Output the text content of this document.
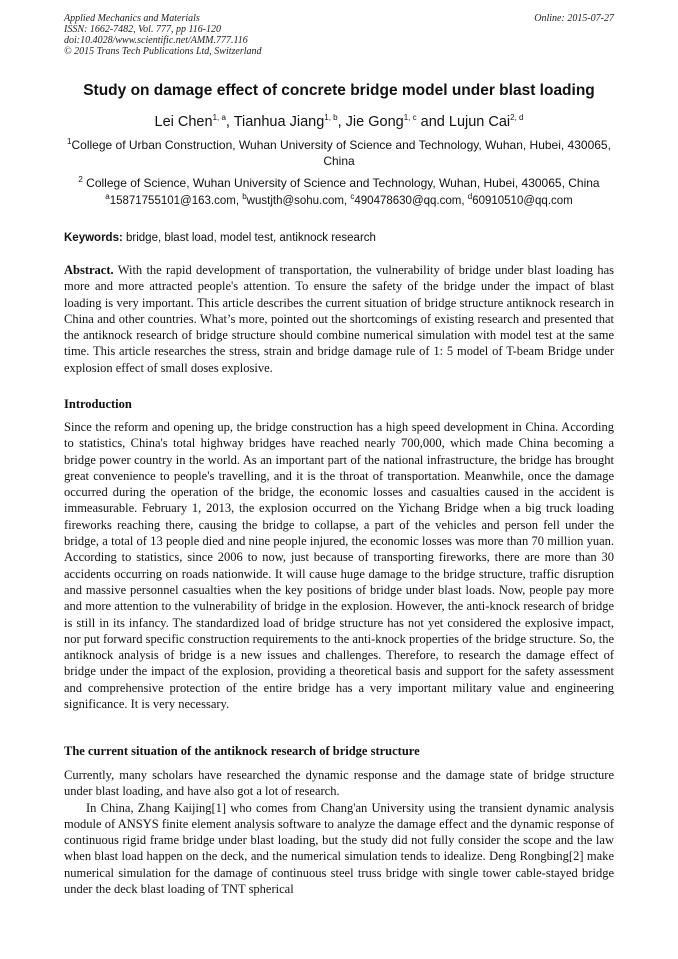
Applied Mechanics and Materials
ISSN: 1662-7482, Vol. 777, pp 116-120
doi:10.4028/www.scientific.net/AMM.777.116
© 2015 Trans Tech Publications Ltd, Switzerland
Online: 2015-07-27
Study on damage effect of concrete bridge model under blast loading
Lei Chen$^{1, a}$, Tianhua Jiang$^{1, b}$, Jie Gong$^{1, c}$ and Lujun Cai$^{2, d}$
$^1$College of Urban Construction, Wuhan University of Science and Technology, Wuhan, Hubei, 430065, China
$^2$ College of Science, Wuhan University of Science and Technology, Wuhan, Hubei, 430065, China
$^a$15871755101@163.com, $^b$wustjth@sohu.com, $^c$490478630@qq.com, $^d$60910510@qq.com
Keywords: bridge, blast load, model test, antiknock research
Abstract. With the rapid development of transportation, the vulnerability of bridge under blast loading has more and more attracted people's attention. To ensure the safety of the bridge under the impact of blast loading is very important. This article describes the current situation of bridge structure antiknock research in China and other countries. What’s more, pointed out the shortcomings of existing research and presented that the antiknock research of bridge structure should combine numerical simulation with model test at the same time. This article researches the stress, strain and bridge damage rule of 1: 5 model of T-beam Bridge under explosion effect of small doses explosive.
Introduction
Since the reform and opening up, the bridge construction has a high speed development in China. According to statistics, China's total highway bridges have reached nearly 700,000, which made China becoming a bridge power country in the world. As an important part of the national infrastructure, the bridge has brought great convenience to people's travelling, and it is the throat of transportation. Meanwhile, once the damage occurred during the operation of the bridge, the economic losses and casualties caused in the accident is immeasurable. February 1, 2013, the explosion occurred on the Yichang Bridge when a big truck loading fireworks reaching there, causing the bridge to collapse, a part of the vehicles and person fell under the bridge, a total of 13 people died and nine people injured, the economic losses was more than 70 million yuan. According to statistics, since 2006 to now, just because of transporting fireworks, there are more than 30 accidents occurring on roads nationwide. It will cause huge damage to the bridge structure, traffic disruption and massive personnel casualties when the key positions of bridge under blast loads. Now, people pay more and more attention to the vulnerability of bridge in the explosion. However, the anti-knock research of bridge is still in its infancy. The standardized load of bridge structure has not yet considered the explosive impact, nor put forward specific construction requirements to the anti-knock properties of the bridge structure. So, the antiknock analysis of bridge is a new issues and challenges. Therefore, to research the damage effect of bridge under the impact of the explosion, providing a theoretical basis and support for the safety assessment and comprehensive protection of the entire bridge has a very important military value and engineering significance. It is very necessary.
The current situation of the antiknock research of bridge structure

Currently, many scholars have researched the dynamic response and the damage state of bridge structure under blast loading, and have also got a lot of research.

In China, Zhang Kaijing[1] who comes from Chang'an University using the transient dynamic analysis module of ANSYS finite element analysis software to analyze the damage effect and the dynamic response of continuous rigid frame bridge under blast loading, but the study did not fully consider the scope and the law when blast load happen on the deck, and the numerical simulation tends to idealize. Deng Rongbing[2] make numerical simulation for the damage of continuous steel truss bridge with single tower cable-stayed bridge under the deck blast loading of TNT spherical
